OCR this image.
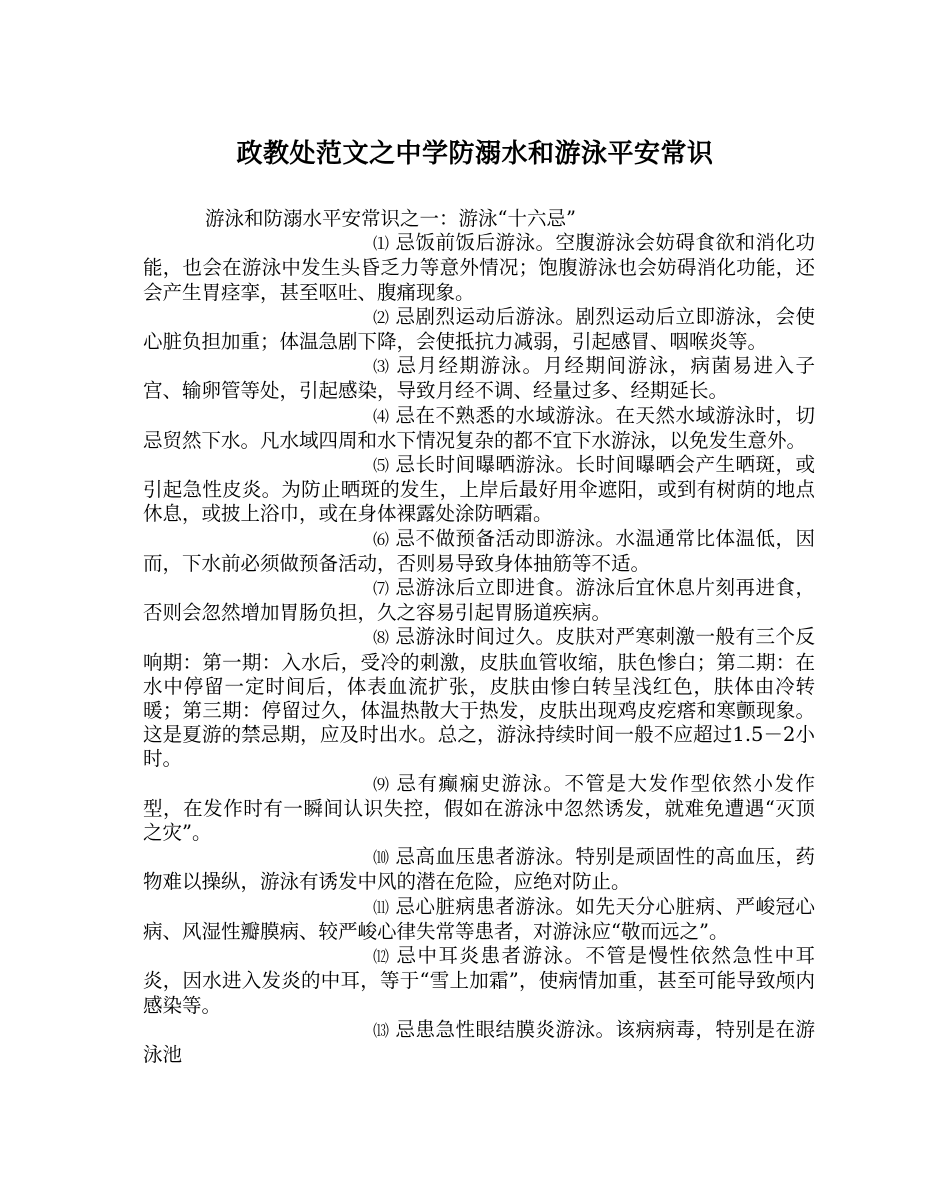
政教处范文之中学防溺水和游泳平安常识

游泳和防溺水平安常识之一：游泳“十六忌”

⑴ 忌饭前饭后游泳。空腹游泳会妨碍食欲和消化功能，也会在游泳中发生头昏乏力等意外情况；饱腹游泳也会妨碍消化功能，还会产生胃痉挛，甚至呕吐、腹痛现象。

⑵ 忌剧烈运动后游泳。剧烈运动后立即游泳，会使心脏负担加重；体温急剧下降，会使抵抗力减弱，引起感冒、咽喉炎等。

⑶ 忌月经期游泳。月经期间游泳，病菌易进入子宫、输卵管等处，引起感染，导致月经不调、经量过多、经期延长。

⑷ 忌在不熟悉的水域游泳。在天然水域游泳时，切忌贸然下水。凡水域四周和水下情况复杂的都不宜下水游泳，以免发生意外。

⑸ 忌长时间曝晒游泳。长时间曝晒会产生晒斑，或引起急性皮炎。为防止晒斑的发生，上岸后最好用伞遮阳，或到有树荫的地点休息，或披上浴巾，或在身体裸露处涂防晒霜。

⑹ 忌不做预备活动即游泳。水温通常比体温低，因而，下水前必须做预备活动，否则易导致身体抽筋等不适。

⑺ 忌游泳后立即进食。游泳后宜休息片刻再进食，否则会忽然增加胃肠负担，久之容易引起胃肠道疾病。

⑻ 忌游泳时间过久。皮肤对严寒刺激一般有三个反响期：第一期：入水后，受冷的刺激，皮肤血管收缩，肤色惨白；第二期：在水中停留一定时间后，体表血流扩张，皮肤由惨白转呈浅红色，肤体由冷转暖；第三期：停留过久，体温热散大于热发，皮肤出现鸡皮疙瘩和寒颤现象。这是夏游的禁忌期，应及时出水。总之，游泳持续时间一般不应超过1.5－2小时。

⑼ 忌有癫痫史游泳。不管是大发作型依然小发作型，在发作时有一瞬间认识失控，假如在游泳中忽然诱发，就难免遭遇“灭顶之灾”。

⑽ 忌高血压患者游泳。特别是顽固性的高血压，药物难以操纵，游泳有诱发中风的潜在危险，应绝对防止。

⑾ 忌心脏病患者游泳。如先天分心脏病、严峻冠心病、风湿性瓣膜病、较严峻心律失常等患者，对游泳应“敬而远之”。

⑿ 忌中耳炎患者游泳。不管是慢性依然急性中耳炎，因水进入发炎的中耳，等于“雪上加霜”，使病情加重，甚至可能导致颅内感染等。

⒀ 忌患急性眼结膜炎游泳。该病病毒，特别是在游泳池
